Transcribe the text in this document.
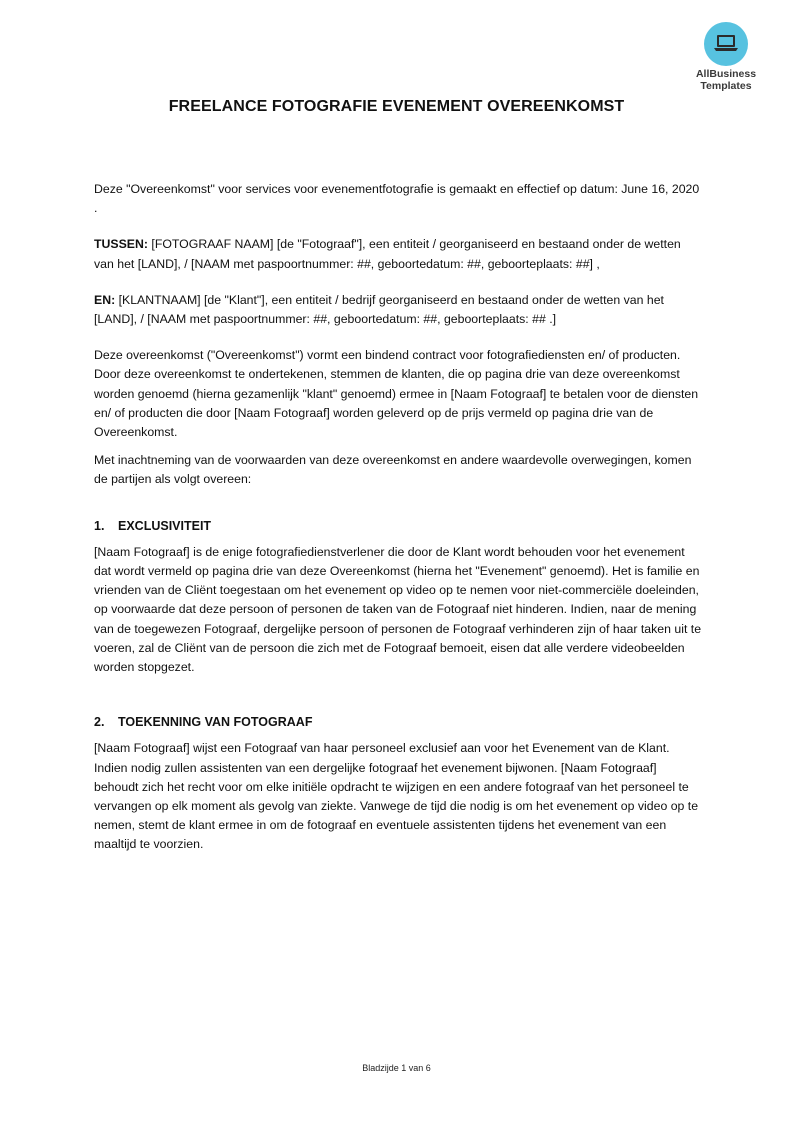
AllBusiness
Templates
FREELANCE FOTOGRAFIE EVENEMENT OVEREENKOMST

Deze "Overeenkomst" voor services voor evenementfotografie is gemaakt en effectief op datum: June 16, 2020 .

TUSSEN: [FOTOGRAAF NAAM] [de "Fotograaf"], een entiteit / georganiseerd en bestaand onder de wetten van het [LAND], / [NAAM met paspoortnummer: ##, geboortedatum: ##, geboorteplaats: ##] ,

EN: [KLANTNAAM] [de "Klant"], een entiteit / bedrijf georganiseerd en bestaand onder de wetten van het [LAND], / [NAAM met paspoortnummer: ##, geboortedatum: ##, geboorteplaats: ## .]

Deze overeenkomst ("Overeenkomst") vormt een bindend contract voor fotografiediensten en/ of producten. Door deze overeenkomst te ondertekenen, stemmen de klanten, die op pagina drie van deze overeenkomst worden genoemd (hierna gezamenlijk "klant" genoemd) ermee in [Naam Fotograaf] te betalen voor de diensten en/ of producten die door [Naam Fotograaf] worden geleverd op de prijs vermeld op pagina drie van de Overeenkomst.

Met inachtneming van de voorwaarden van deze overeenkomst en andere waardevolle overwegingen, komen de partijen als volgt overeen:

1. EXCLUSIVITEIT

[Naam Fotograaf] is de enige fotografiedienstverlener die door de Klant wordt behouden voor het evenement dat wordt vermeld op pagina drie van deze Overeenkomst (hierna het "Evenement" genoemd). Het is familie en vrienden van de Cliënt toegestaan om het evenement op video op te nemen voor niet-commerciële doeleinden, op voorwaarde dat deze persoon of personen de taken van de Fotograaf niet hinderen. Indien, naar de mening van de toegewezen Fotograaf, dergelijke persoon of personen de Fotograaf verhinderen zijn of haar taken uit te voeren, zal de Cliënt van de persoon die zich met de Fotograaf bemoeit, eisen dat alle verdere videobeelden worden stopgezet.

2. TOEKENNING VAN FOTOGRAAF

[Naam Fotograaf] wijst een Fotograaf van haar personeel exclusief aan voor het Evenement van de Klant. Indien nodig zullen assistenten van een dergelijke fotograaf het evenement bijwonen. [Naam Fotograaf] behoudt zich het recht voor om elke initiële opdracht te wijzigen en een andere fotograaf van het personeel te vervangen op elk moment als gevolg van ziekte. Vanwege de tijd die nodig is om het evenement op video op te nemen, stemt de klant ermee in om de fotograaf en eventuele assistenten tijdens het evenement van een maaltijd te voorzien.

Bladzijde 1 van 6
